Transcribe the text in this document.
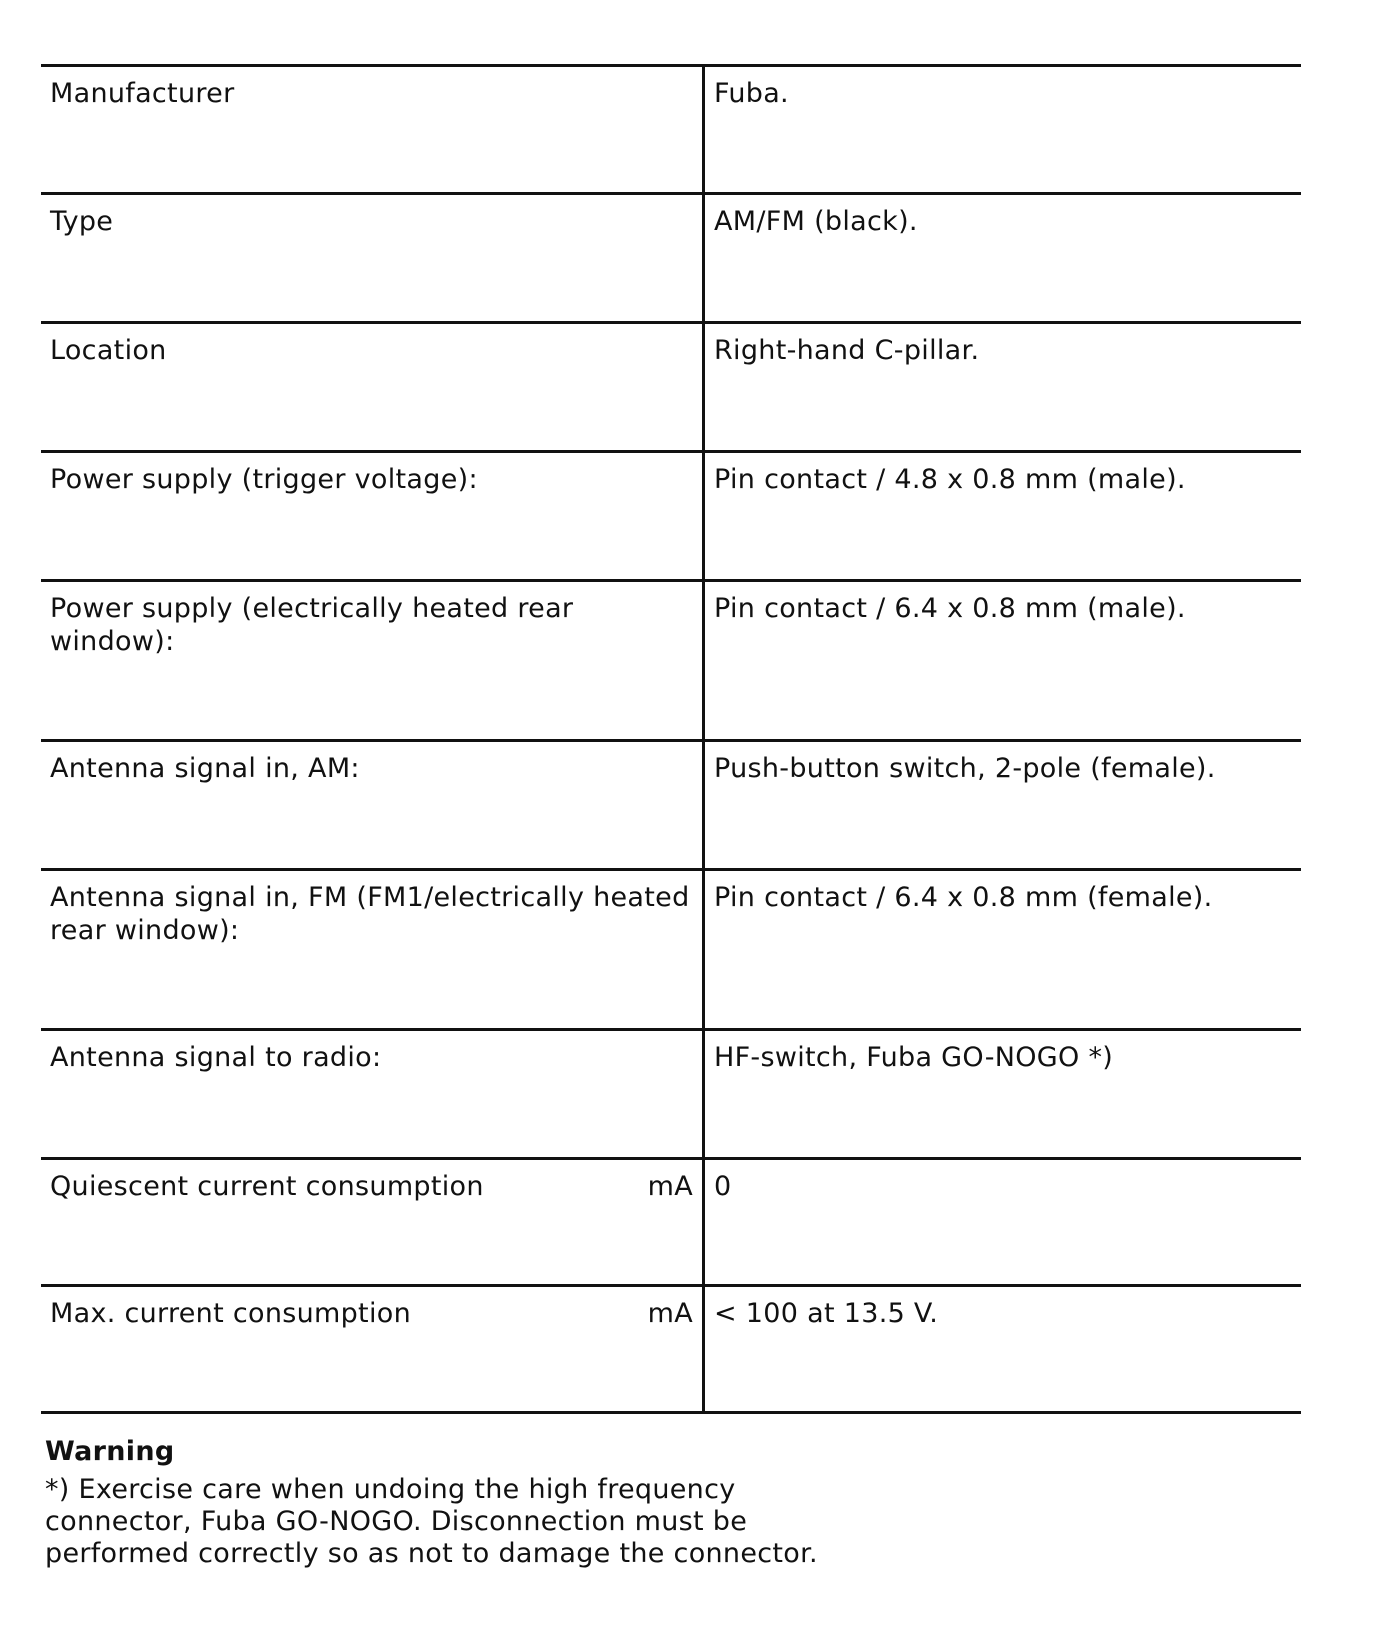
Manufacturer	Fuba.
Type	AM/FM (black).
Location	Right-hand C-pillar.
Power supply (trigger voltage):	Pin contact / 4.8 x 0.8 mm (male).
Power supply (electrically heated rear window):	Pin contact / 6.4 x 0.8 mm (male).
Antenna signal in, AM:	Push-button switch, 2-pole (female).
Antenna signal in, FM (FM1/electrically heated rear window):	Pin contact / 6.4 x 0.8 mm (female).
Antenna signal to radio:	HF-switch, Fuba GO-NOGO *)
Quiescent current consumption mA	0
Max. current consumption mA	< 100 at 13.5 V.
Warning
*) Exercise care when undoing the high frequency connector, Fuba GO-NOGO. Disconnection must be performed correctly so as not to damage the connector.
